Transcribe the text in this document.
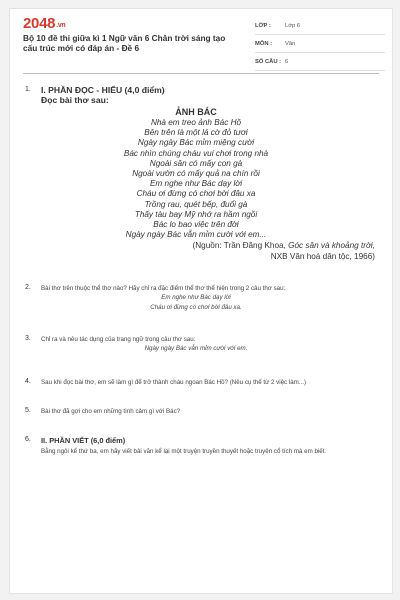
2048.vn
Bộ 10 đề thi giữa kì 1 Ngữ văn 6 Chân trời sáng tạo cấu trúc mới có đáp án - Đề 6
LỚP :	Lớp 6
MÔN :	Văn
SỐ CÂU : 6
1. I. PHẦN ĐỌC - HIỂU (4,0 điểm)
Đọc bài thơ sau:
ẢNH BÁC
Nhà em treo ảnh Bác Hồ
Bên trên là một lá cờ đỏ tươi
Ngày ngày Bác mỉm miệng cười
Bác nhìn chúng cháu vui chơi trong nhà
Ngoài sân có mấy con gà
Ngoài vườn có mấy quả na chín rồi
Em nghe như Bác dạy lời
Cháu ơi đừng có chơi bời đâu xa
Trồng rau, quét bếp, đuổi gà
Thấy tàu bay Mỹ nhớ ra hầm ngồi
Bác lo bao việc trên đời
Ngày ngày Bác vẫn mỉm cười với em...
(Nguồn: Trần Đăng Khoa, Góc sân và khoảng trời,
NXB Văn hoá dân tộc, 1966)
2. Bài thơ trên thuộc thể thơ nào? Hãy chỉ ra đặc điểm thể thơ thể hiện trong 2 câu thơ sau:
Em nghe như Bác dạy lời
Cháu ơi đừng có chơi bời đâu xa.
3. Chỉ ra và nêu tác dụng của trang ngữ trong câu thơ sau:
Ngày ngày Bác vẫn mỉm cười với em.
4. Sau khi đọc bài thơ, em sẽ làm gì để trở thành cháu ngoan Bác Hồ? (Nêu cụ thể từ 2 việc làm...)
5. Bài thơ đã gợi cho em những tình cảm gì với Bác?
6. II. PHẦN VIẾT (6,0 điểm)
Bằng ngôi kể thứ ba, em hãy viết bài văn kể lại một truyện truyền thuyết hoặc truyện cổ tích mà em biết.
